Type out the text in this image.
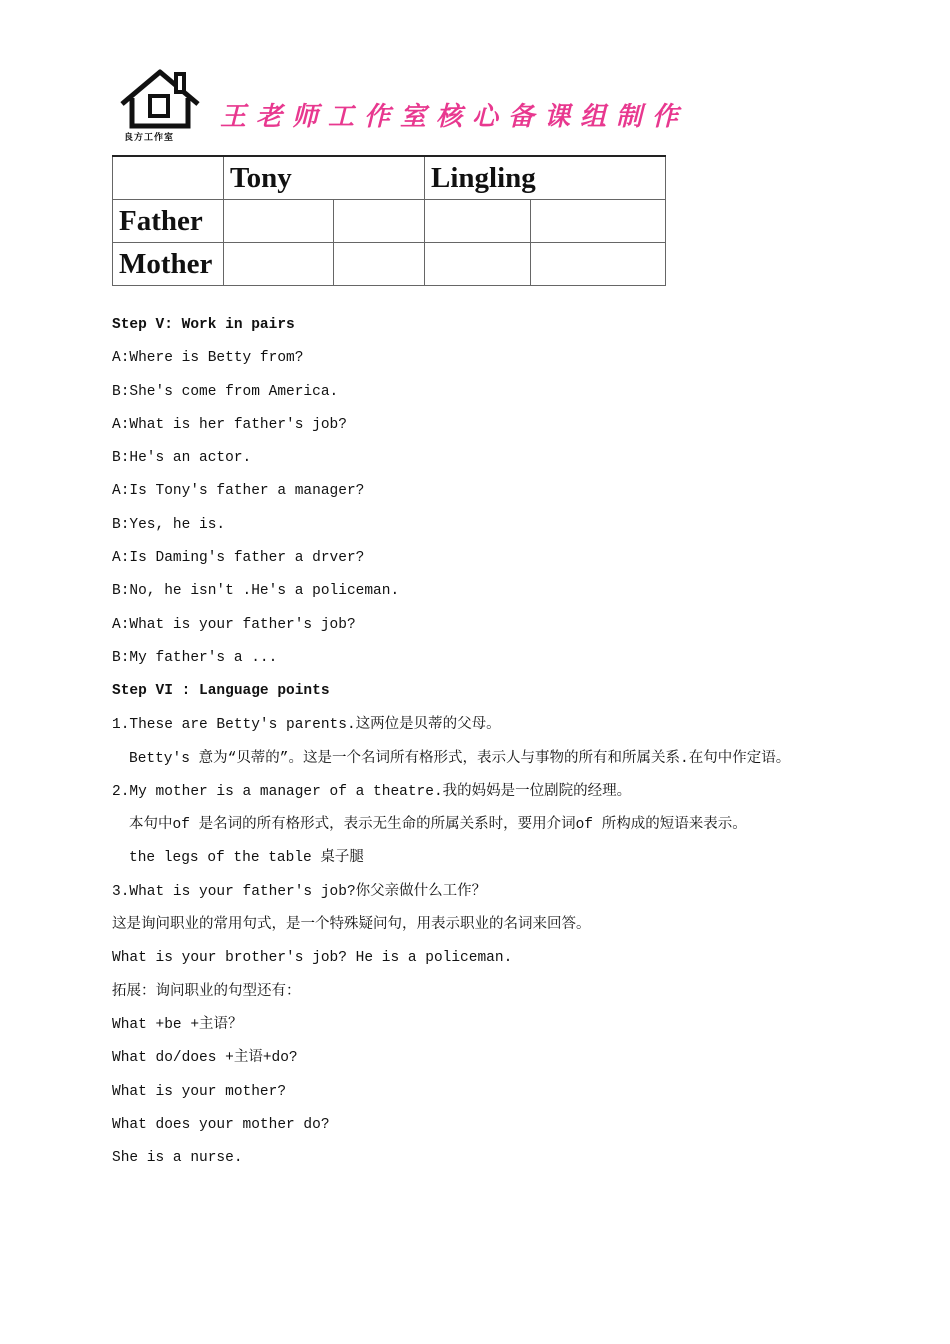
良方工作室
王老师工作室核心备课组制作
	Tony		Lingling	
Father				
Mother				
Step V: Work in pairs
A:Where is Betty from?
B:She's come from America.
A:What is her father's job?
B:He's an actor.
A:Is Tony's father a manager?
B:Yes, he is.
A:Is Daming's father a drver?
B:No, he isn't .He's a policeman.
A:What is your father's job?
B:My father's a ...
Step VI : Language points
1.These are Betty's parents.这两位是贝蒂的父母。
Betty's 意为“贝蒂的”。这是一个名词所有格形式，表示人与事物的所有和所属关系.在句中作定语。
2.My mother is a manager of a theatre.我的妈妈是一位剧院的经理。
本句中of 是名词的所有格形式，表示无生命的所属关系时，要用介词of 所构成的短语来表示。
the legs of the table 桌子腿
3.What is your father's job?你父亲做什么工作？
这是询问职业的常用句式，是一个特殊疑问句，用表示职业的名词来回答。
What is your brother's job? He is a policeman.
拓展：询问职业的句型还有：
What +be +主语？
What do/does +主语+do?
What is your mother?
What does your mother do?
She is a nurse.
